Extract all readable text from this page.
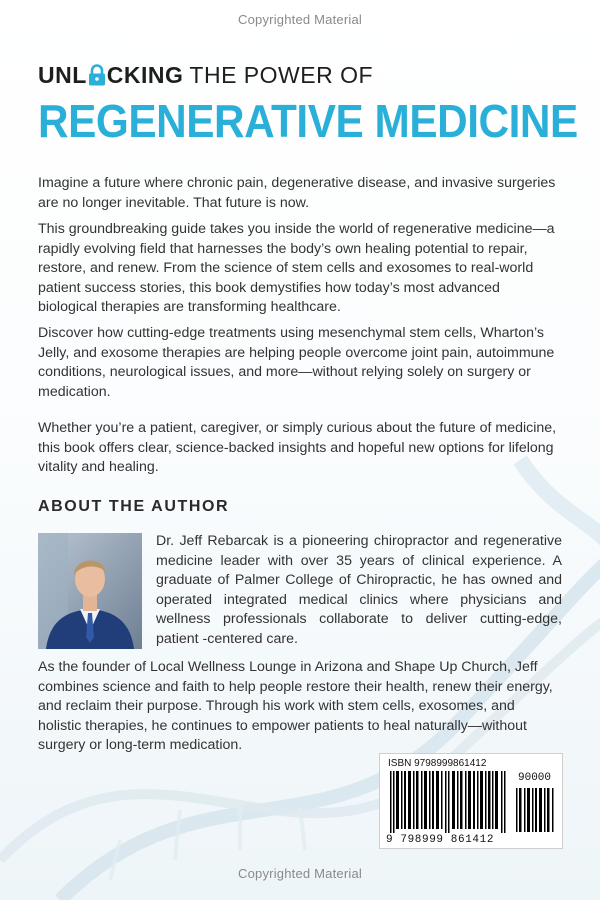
Copyrighted Material
UNL CKING THE POWER OF
REGENERATIVE MEDICINE

Imagine a future where chronic pain, degenerative disease, and invasive surgeries are no longer inevitable. That future is now.

This groundbreaking guide takes you inside the world of regenerative medicine—a rapidly evolving field that harnesses the body’s own healing potential to repair, restore, and renew. From the science of stem cells and exosomes to real-world patient success stories, this book demystifies how today’s most advanced biological therapies are transforming healthcare.

Discover how cutting-edge treatments using mesenchymal stem cells, Wharton’s Jelly, and exosome therapies are helping people overcome joint pain, autoimmune conditions, neurological issues, and more—without relying solely on surgery or medication.

Whether you’re a patient, caregiver, or simply curious about the future of medicine, this book offers clear, science-backed insights and hopeful new options for lifelong vitality and healing.

ABOUT THE AUTHOR

Dr. Jeff Rebarcak is a pioneering chiropractor and regenerative medicine leader with over 35 years of clinical experience. A graduate of Palmer College of Chiropractic, he has owned and operated integrated medical clinics where physicians and wellness professionals collaborate to deliver cutting-edge, patient -centered care.

As the founder of Local Wellness Lounge in Arizona and Shape Up Church, Jeff combines science and faith to help people restore their health, renew their energy, and reclaim their purpose. Through his work with stem cells, exosomes, and holistic therapies, he continues to empower patients to heal naturally—without surgery or long-term medication.

ISBN 9798999861412
90000
9 798999 861412
Copyrighted Material
